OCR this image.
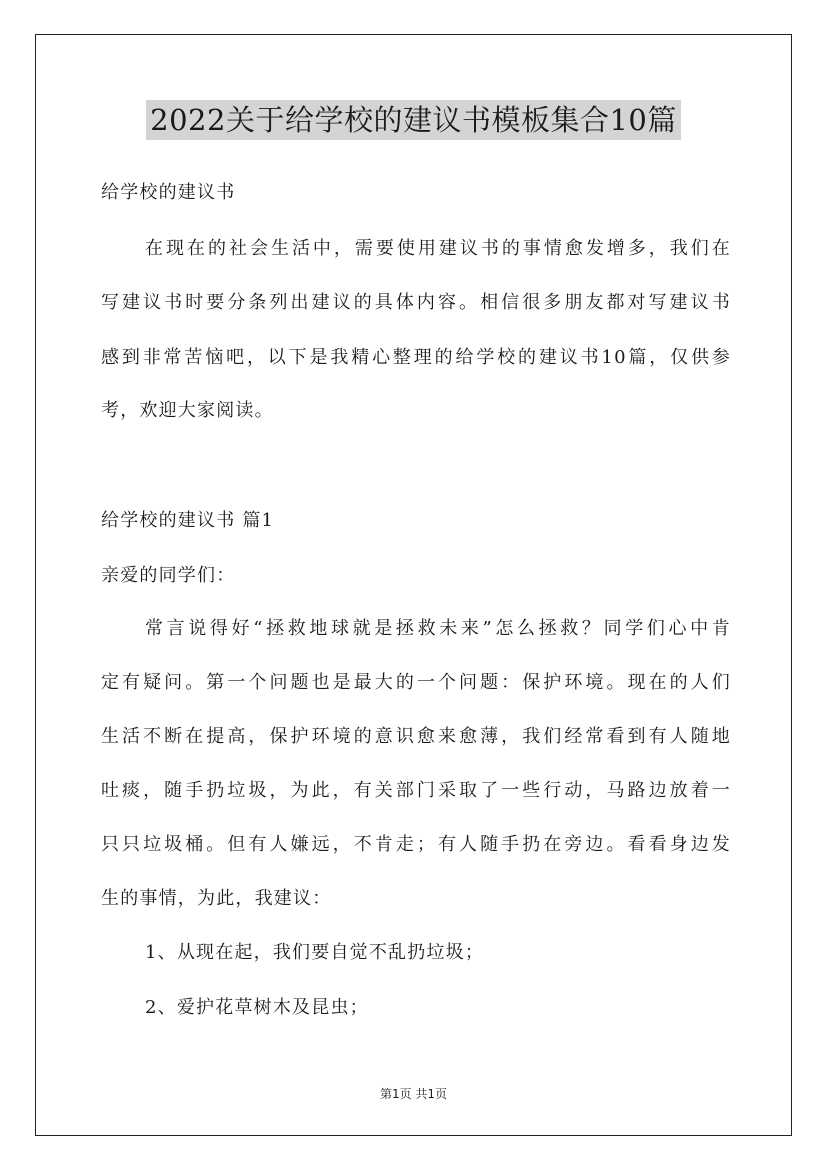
2022关于给学校的建议书模板集合10篇
给学校的建议书
在现在的社会生活中，需要使用建议书的事情愈发增多，我们在
写建议书时要分条列出建议的具体内容。相信很多朋友都对写建议书
感到非常苦恼吧，以下是我精心整理的给学校的建议书10篇，仅供参
考，欢迎大家阅读。
给学校的建议书 篇1
亲爱的同学们：
常言说得好“拯救地球就是拯救未来”怎么拯救？同学们心中肯
定有疑问。第一个问题也是最大的一个问题：保护环境。现在的人们
生活不断在提高，保护环境的意识愈来愈薄，我们经常看到有人随地
吐痰，随手扔垃圾，为此，有关部门采取了一些行动，马路边放着一
只只垃圾桶。但有人嫌远，不肯走；有人随手扔在旁边。看看身边发
生的事情，为此，我建议：
1、从现在起，我们要自觉不乱扔垃圾；
2、爱护花草树木及昆虫；
第1页 共1页
